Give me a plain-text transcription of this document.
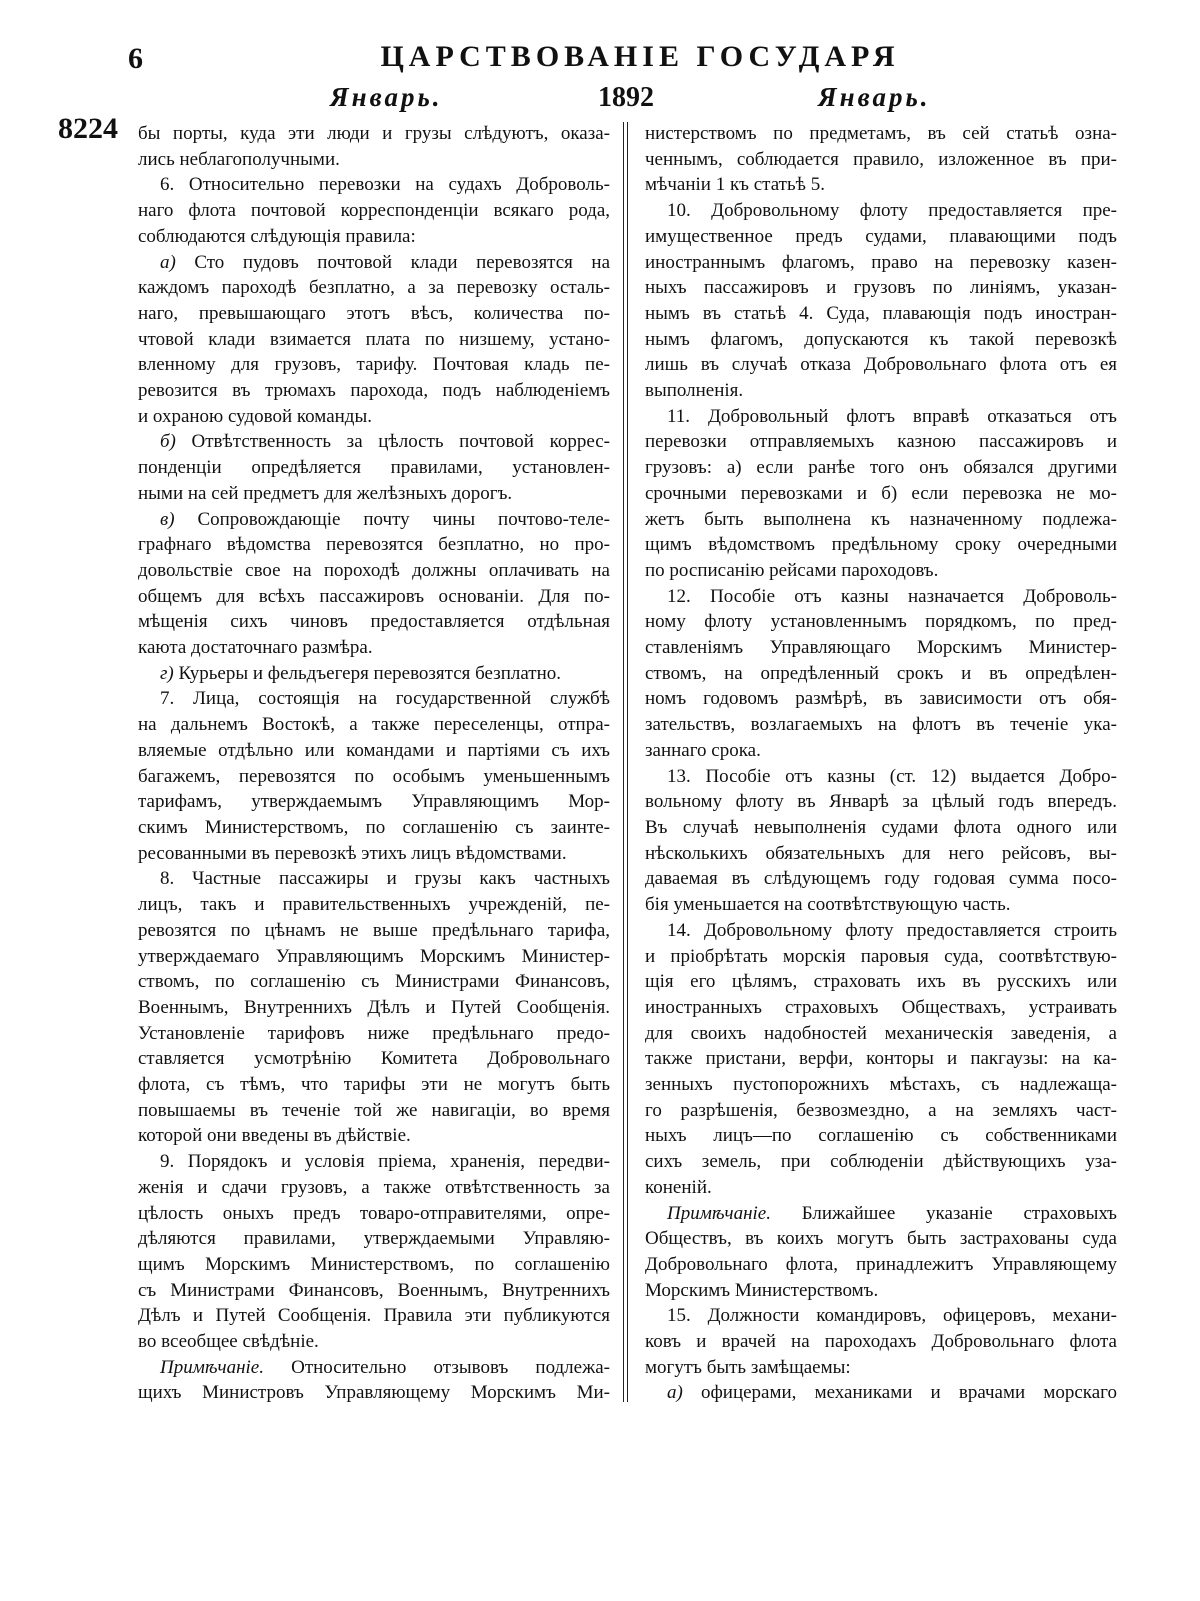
6	ЦАРСТВОВАНІЕ ГОСУДАРЯ
Январь.	1892	Январь.
8224 бы порты, куда эти люди и грузы слѣдуютъ, оказа-
лись неблагополучными.
6. Относительно перевозки на судахъ Доброволь-
наго флота почтовой корреспонденціи всякаго рода,
соблюдаются слѣдующія правила:
а) Сто пудовъ почтовой клади перевозятся на
каждомъ пароходѣ безплатно, а за перевозку осталь-
наго, превышающаго этотъ вѣсъ, количества по-
чтовой клади взимается плата по низшему, устано-
вленному для грузовъ, тарифу. Почтовая кладь пе-
ревозится въ трюмахъ парохода, подъ наблюденіемъ
и охраною судовой команды.
б) Отвѣтственность за цѣлость почтовой коррес-
понденціи опредѣляется правилами, установлен-
ными на сей предметъ для желѣзныхъ дорогъ.
в) Сопровождающіе почту чины почтово-теле-
графнаго вѣдомства перевозятся безплатно, но про-
довольствіе свое на пороходѣ должны оплачивать на
общемъ для всѣхъ пассажировъ основаніи. Для по-
мѣщенія сихъ чиновъ предоставляется отдѣльная
каюта достаточнаго размѣра.
г) Курьеры и фельдъегеря перевозятся безплатно.
7. Лица, состоящія на государственной службѣ
на дальнемъ Востокѣ, а также переселенцы, отпра-
вляемые отдѣльно или командами и партіями съ ихъ
багажемъ, перевозятся по особымъ уменьшеннымъ
тарифамъ, утверждаемымъ Управляющимъ Мор-
скимъ Министерствомъ, по соглашенію съ заинте-
ресованными въ перевозкѣ этихъ лицъ вѣдомствами.
8. Частные пассажиры и грузы какъ частныхъ
лицъ, такъ и правительственныхъ учрежденій, пе-
ревозятся по цѣнамъ не выше предѣльнаго тарифа,
утверждаемаго Управляющимъ Морскимъ Министер-
ствомъ, по соглашенію съ Министрами Финансовъ,
Военнымъ, Внутреннихъ Дѣлъ и Путей Сообщенія.
Установленіе тарифовъ ниже предѣльнаго предо-
ставляется усмотрѣнію Комитета Добровольнаго
флота, съ тѣмъ, что тарифы эти не могутъ быть
повышаемы въ теченіе той же навигаціи, во время
которой они введены въ дѣйствіе.
9. Порядокъ и условія пріема, храненія, передви-
женія и сдачи грузовъ, а также отвѣтственность за
цѣлость оныхъ предъ товаро-отправителями, опре-
дѣляются правилами, утверждаемыми Управляю-
щимъ Морскимъ Министерствомъ, по соглашенію
съ Министрами Финансовъ, Военнымъ, Внутреннихъ
Дѣлъ и Путей Сообщенія. Правила эти публикуются
во всеобщее свѣдѣніе.
Примѣчаніе. Относительно отзывовъ подлежа-
щихъ Министровъ Управляющему Морскимъ Ми-
нистерствомъ по предметамъ, въ сей статьѣ озна-
ченнымъ, соблюдается правило, изложенное въ при-
мѣчаніи 1 къ статьѣ 5.
10. Добровольному флоту предоставляется пре-
имущественное предъ судами, плавающими подъ
иностраннымъ флагомъ, право на перевозку казен-
ныхъ пассажировъ и грузовъ по линіямъ, указан-
нымъ въ статьѣ 4. Суда, плавающія подъ иностран-
нымъ флагомъ, допускаются къ такой перевозкѣ
лишь въ случаѣ отказа Добровольнаго флота отъ ея
выполненія.
11. Добровольный флотъ вправѣ отказаться отъ
перевозки отправляемыхъ казною пассажировъ и
грузовъ: а) если ранѣе того онъ обязался другими
срочными перевозками и б) если перевозка не мо-
жетъ быть выполнена къ назначенному подлежа-
щимъ вѣдомствомъ предѣльному сроку очередными
по росписанію рейсами пароходовъ.
12. Пособіе отъ казны назначается Доброволь-
ному флоту установленнымъ порядкомъ, по пред-
ставленіямъ Управляющаго Морскимъ Министер-
ствомъ, на опредѣленный срокъ и въ опредѣлен-
номъ годовомъ размѣрѣ, въ зависимости отъ обя-
зательствъ, возлагаемыхъ на флотъ въ теченіе ука-
заннаго срока.
13. Пособіе отъ казны (ст. 12) выдается Добро-
вольному флоту въ Январѣ за цѣлый годъ впередъ.
Въ случаѣ невыполненія судами флота одного или
нѣсколькихъ обязательныхъ для него рейсовъ, вы-
даваемая въ слѣдующемъ году годовая сумма посо-
бія уменьшается на соотвѣтствующую часть.
14. Добровольному флоту предоставляется строить
и пріобрѣтать морскія паровыя суда, соотвѣтствую-
щія его цѣлямъ, страховать ихъ въ русскихъ или
иностранныхъ страховыхъ Обществахъ, устраивать
для своихъ надобностей механическія заведенія, а
также пристани, верфи, конторы и пакгаузы: на ка-
зенныхъ пустопорожнихъ мѣстахъ, съ надлежаща-
го разрѣшенія, безвозмездно, а на земляхъ част-
ныхъ лицъ—по соглашенію съ собственниками
сихъ земель, при соблюденіи дѣйствующихъ уза-
коненій.
Примѣчаніе. Ближайшее указаніе страховыхъ
Обществъ, въ коихъ могутъ быть застрахованы суда
Добровольнаго флота, принадлежитъ Управляющему
Морскимъ Министерствомъ.
15. Должности командировъ, офицеровъ, механи-
ковъ и врачей на пароходахъ Добровольнаго флота
могутъ быть замѣщаемы:
а) офицерами, механиками и врачами морскаго
